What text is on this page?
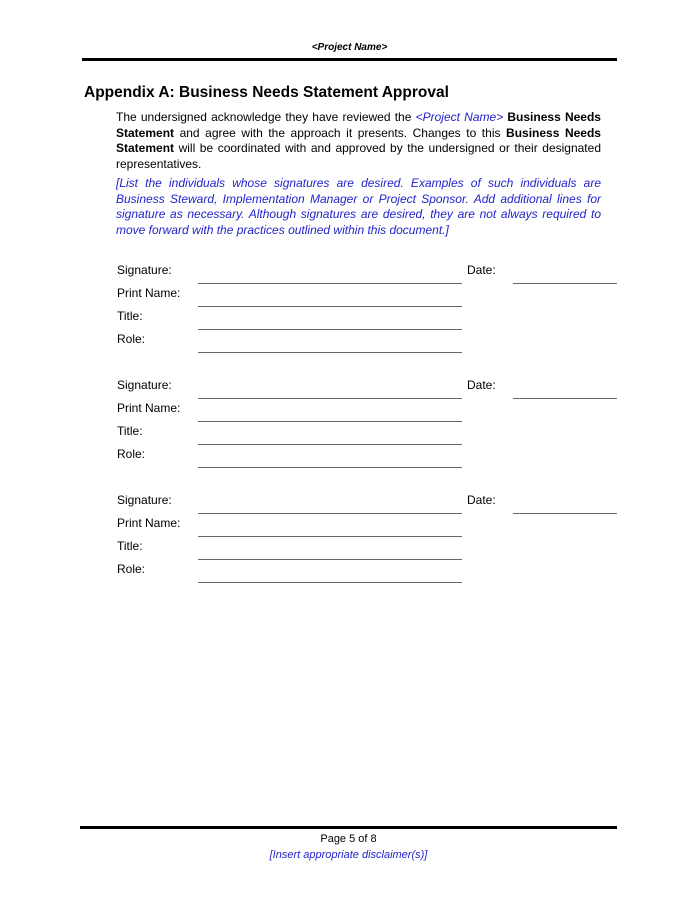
<Project Name>
Appendix A: Business Needs Statement Approval

The undersigned acknowledge they have reviewed the <Project Name> Business Needs Statement and agree with the approach it presents. Changes to this Business Needs Statement will be coordinated with and approved by the undersigned or their designated representatives.

[List the individuals whose signatures are desired. Examples of such individuals are Business Steward, Implementation Manager or Project Sponsor. Add additional lines for signature as necessary. Although signatures are desired, they are not always required to move forward with the practices outlined within this document.]

Signature:	Date:
Print Name:
Title:
Role:
Signature:	Date:
Print Name:
Title:
Role:
Signature:	Date:
Print Name:
Title:
Role:
Page 5 of 8
[Insert appropriate disclaimer(s)]
